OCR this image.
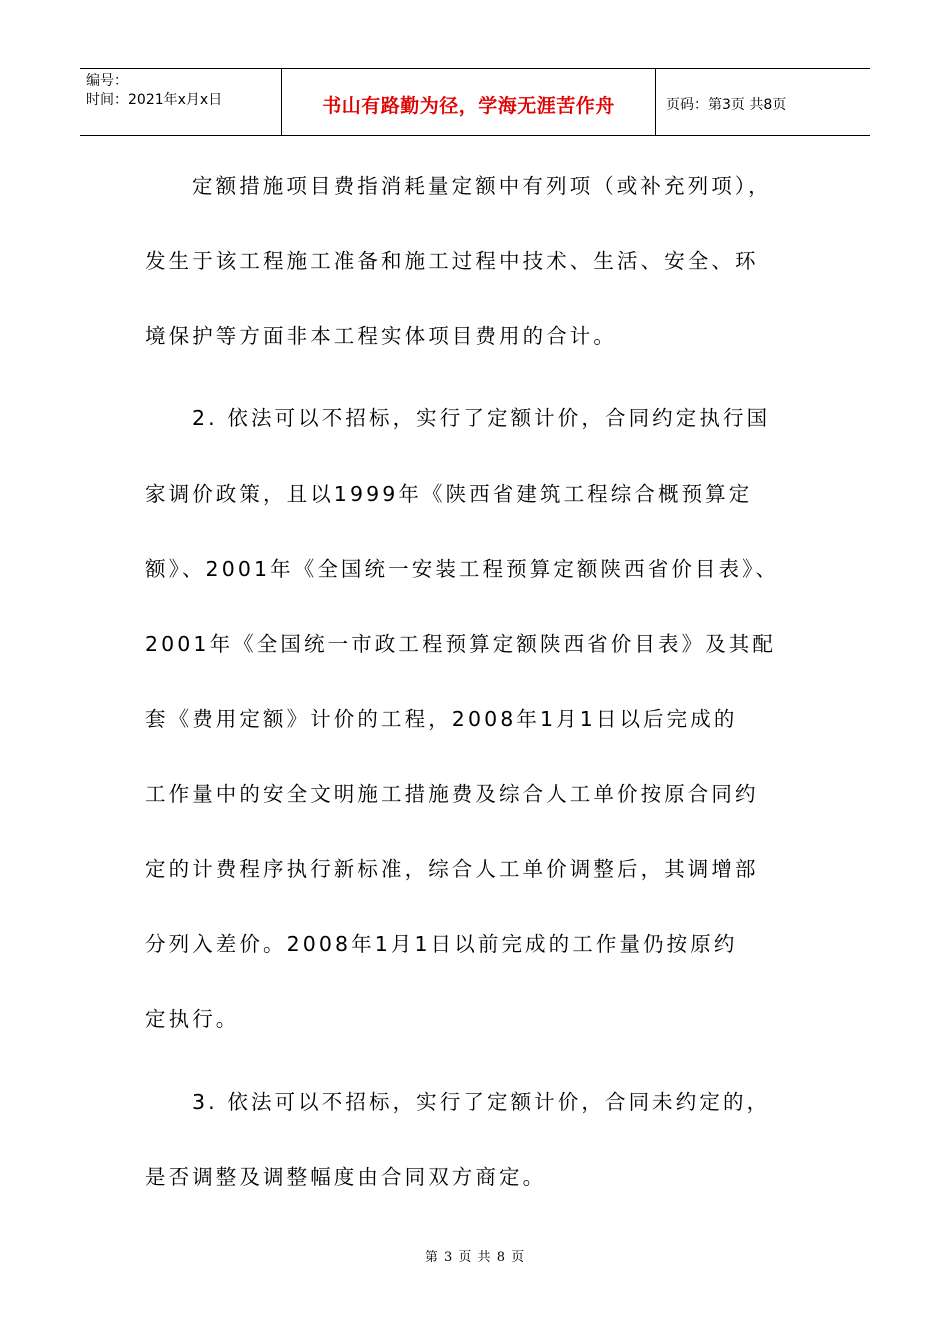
编号：
时间：2021年x月x日	书山有路勤为径，学海无涯苦作舟	页码：第3页 共8页
定额措施项目费指消耗量定额中有列项（或补充列项），
发生于该工程施工准备和施工过程中技术、生活、安全、环
境保护等方面非本工程实体项目费用的合计。
2. 依法可以不招标，实行了定额计价，合同约定执行国
家调价政策，且以1999年《陕西省建筑工程综合概预算定
额》、2001年《全国统一安装工程预算定额陕西省价目表》、
2001年《全国统一市政工程预算定额陕西省价目表》及其配
套《费用定额》计价的工程，2008年1月1日以后完成的
工作量中的安全文明施工措施费及综合人工单价按原合同约
定的计费程序执行新标准，综合人工单价调整后，其调增部
分列入差价。2008年1月1日以前完成的工作量仍按原约
定执行。
3. 依法可以不招标，实行了定额计价，合同未约定的，
是否调整及调整幅度由合同双方商定。
第 3 页 共 8 页
